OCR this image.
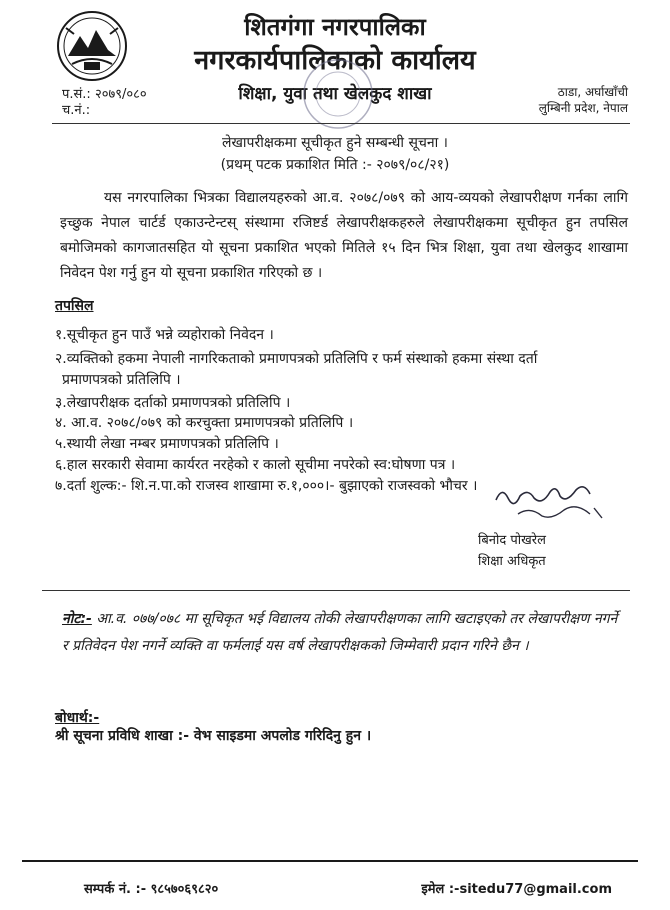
शितगंगा नगरपालिका
नगरकार्यपालिकाको कार्यालय
शिक्षा, युवा तथा खेलकुद शाखा
प.सं.: २०७९/०८०
च.नं.:
ठाडा, अर्घाखाँची
लुम्बिनी प्रदेश, नेपाल
लेखापरीक्षकमा सूचीकृत हुने सम्बन्धी सूचना ।
(प्रथम् पटक प्रकाशित मिति :- २०७९/०८/२१)
यस नगरपालिका भित्रका विद्यालयहरुको आ.व. २०७८/०७९ को आय-व्ययको लेखापरीक्षण गर्नका लागि इच्छुक नेपाल चार्टर्ड एकाउन्टेन्टस् संस्थामा रजिष्टर्ड लेखापरीक्षकहरुले लेखापरीक्षकमा सूचीकृत हुन तपसिल बमोजिमको कागजातसहित यो सूचना प्रकाशित भएको मितिले १५ दिन भित्र शिक्षा, युवा तथा खेलकुद शाखामा निवेदन पेश गर्नु हुन यो सूचना प्रकाशित गरिएको छ ।
तपसिल
१.सूचीकृत हुन पाउँ भन्ने व्यहोराको निवेदन ।
२.व्यक्तिको हकमा नेपाली नागरिकताको प्रमाणपत्रको प्रतिलिपि र फर्म संस्थाको हकमा संस्था दर्ता
प्रमाणपत्रको प्रतिलिपि ।
३.लेखापरीक्षक दर्ताको प्रमाणपत्रको प्रतिलिपि ।
४. आ.व. २०७८/०७९ को करचुक्ता प्रमाणपत्रको प्रतिलिपि ।
५.स्थायी लेखा नम्बर प्रमाणपत्रको प्रतिलिपि ।
६.हाल सरकारी सेवामा कार्यरत नरहेको र कालो सूचीमा नपरेको स्व:घोषणा पत्र ।
७.दर्ता शुल्क:- शि.न.पा.को राजस्व शाखामा रु.१,०००।- बुझाएको राजस्वको भौचर ।
बिनोद पोखरेल
शिक्षा अधिकृत
नोट:- आ.व. ०७७/०७८ मा सूचिकृत भई विद्यालय तोकी लेखापरीक्षणका लागि खटाइएको तर लेखापरीक्षण नगर्ने र प्रतिवेदन पेश नगर्ने व्यक्ति वा फर्मलाई यस वर्ष लेखापरीक्षकको जिम्मेवारी प्रदान गरिने छैन ।
बोधार्थ:-
श्री सूचना प्रविधि शाखा :- वेभ साइडमा अपलोड गरिदिनु हुन ।
सम्पर्क नं. :- ९८५७०६९८२०	इमेल :-sitedu77@gmail.com
